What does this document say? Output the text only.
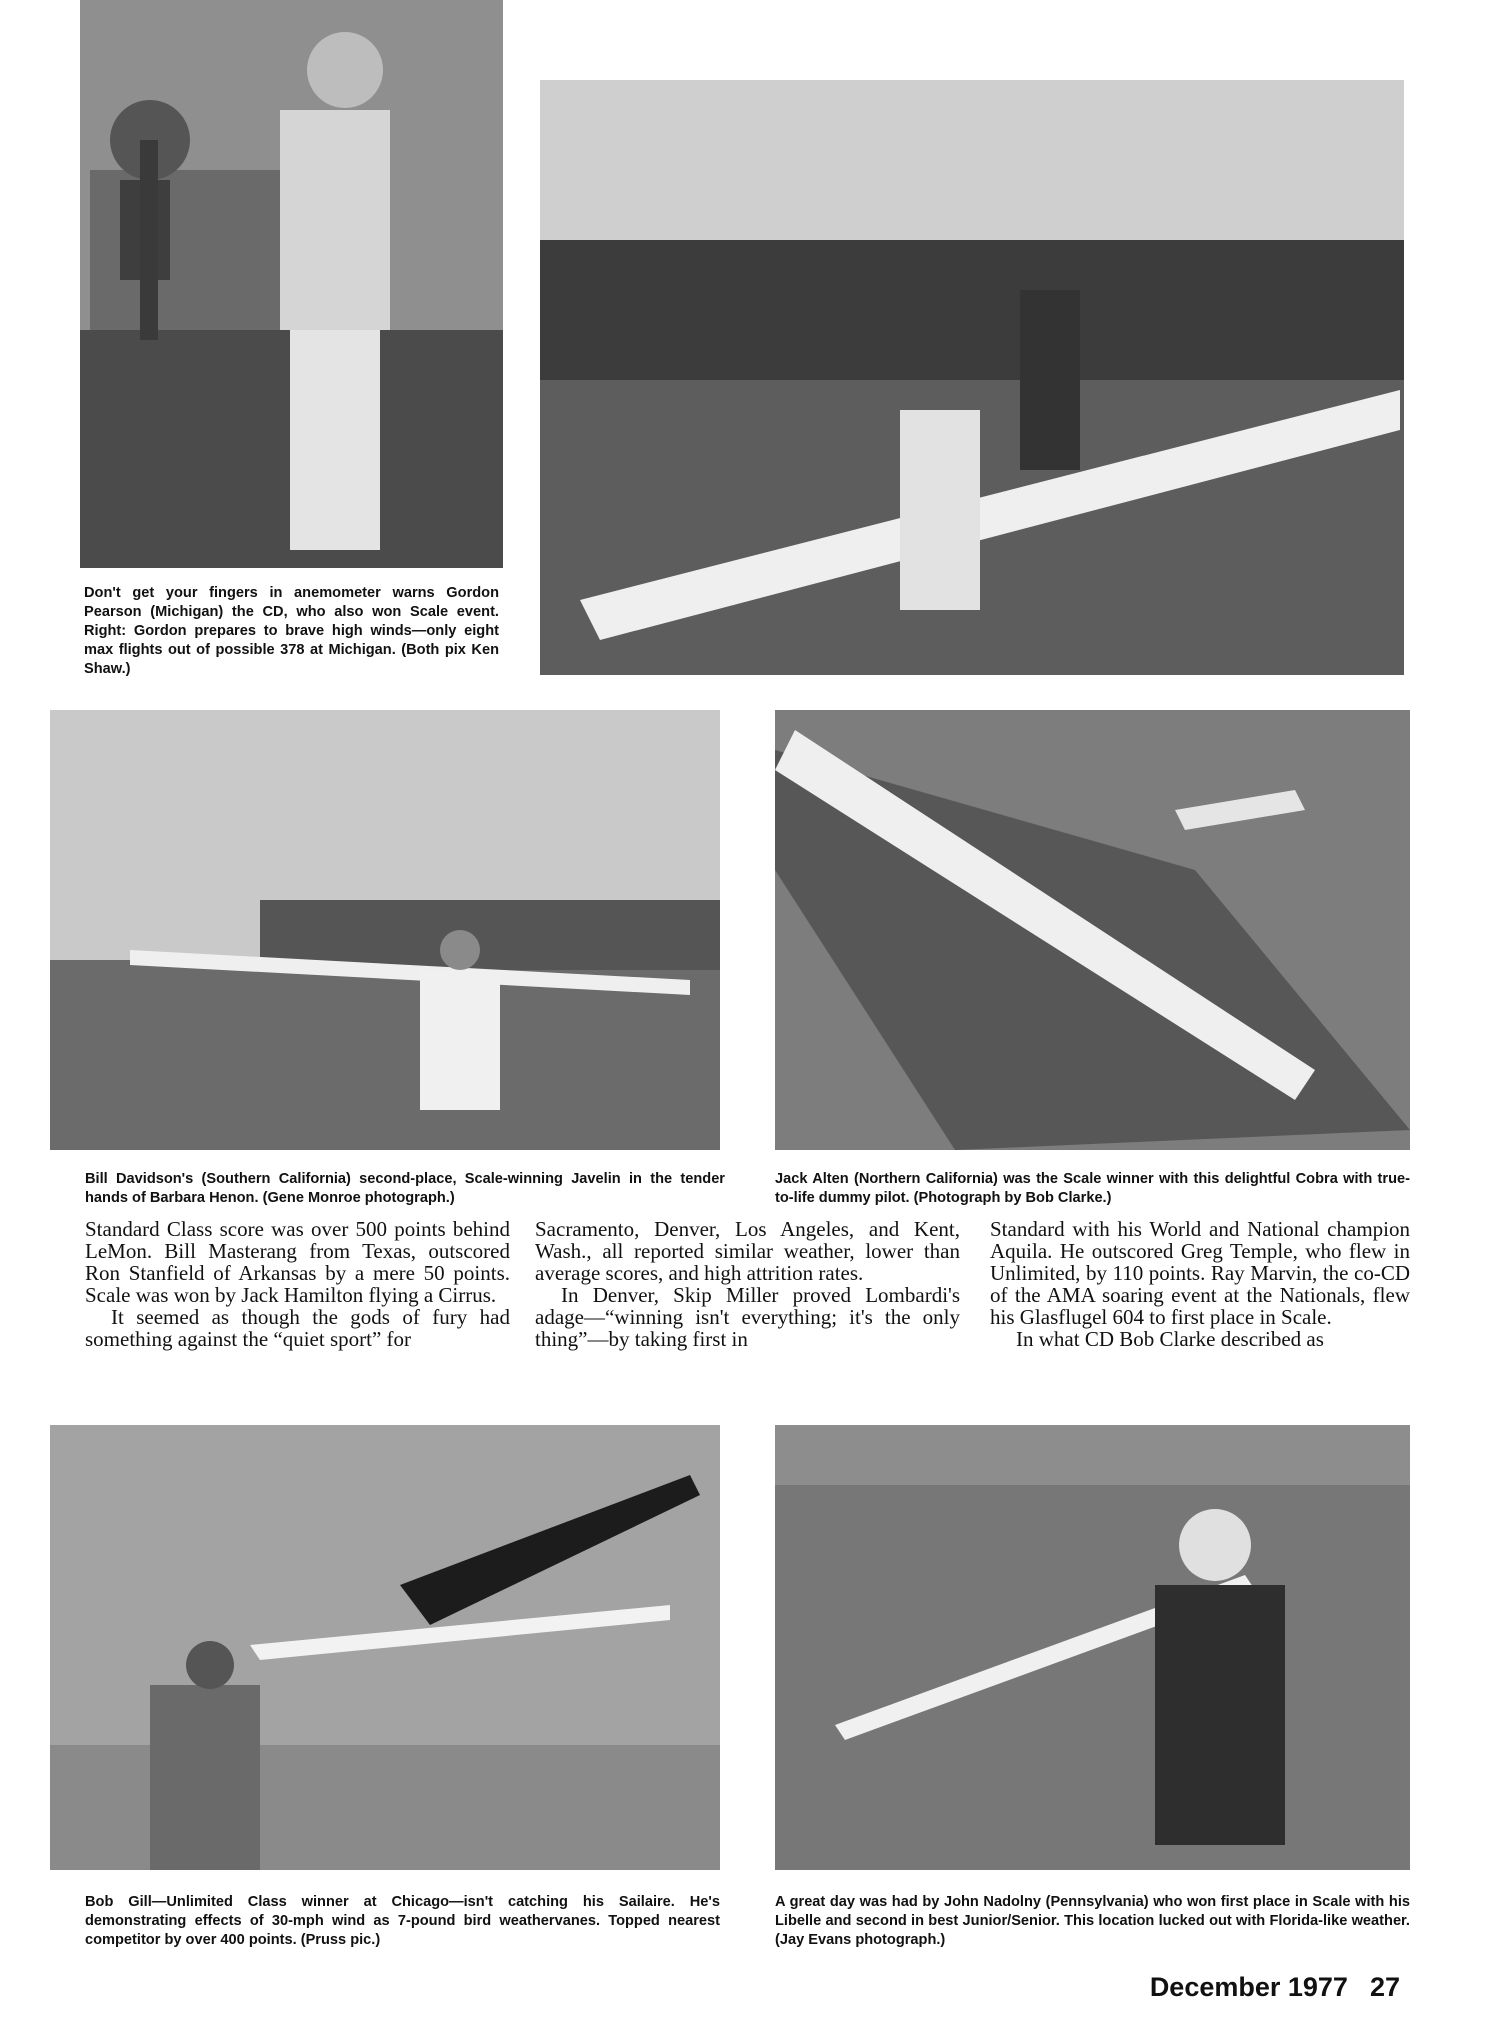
Don't get your fingers in anemometer warns Gordon Pearson (Michigan) the CD, who also won Scale event. Right: Gordon prepares to brave high winds—only eight max flights out of possible 378 at Michigan. (Both pix Ken Shaw.)
Bill Davidson's (Southern California) second-place, Scale-winning Javelin in the tender hands of Barbara Henon. (Gene Monroe photograph.)
Jack Alten (Northern California) was the Scale winner with this delightful Cobra with true-to-life dummy pilot. (Photograph by Bob Clarke.)

Standard Class score was over 500 points behind LeMon. Bill Masterang from Texas, outscored Ron Stanfield of Arkansas by a mere 50 points. Scale was won by Jack Hamilton flying a Cirrus.

It seemed as though the gods of fury had something against the “quiet sport” for

Sacramento, Denver, Los Angeles, and Kent, Wash., all reported similar weather, lower than average scores, and high attrition rates.

In Denver, Skip Miller proved Lombardi's adage—“winning isn't everything; it's the only thing”—by taking first in

Standard with his World and National champion Aquila. He outscored Greg Temple, who flew in Unlimited, by 110 points. Ray Marvin, the co-CD of the AMA soaring event at the Nationals, flew his Glasflugel 604 to first place in Scale.

In what CD Bob Clarke described as

Bob Gill—Unlimited Class winner at Chicago—isn't catching his Sailaire. He's demonstrating effects of 30-mph wind as 7-pound bird weathervanes. Topped nearest competitor by over 400 points. (Pruss pic.)
A great day was had by John Nadolny (Pennsylvania) who won first place in Scale with his Libelle and second in best Junior/Senior. This location lucked out with Florida-like weather. (Jay Evans photograph.)
December 1977 27
